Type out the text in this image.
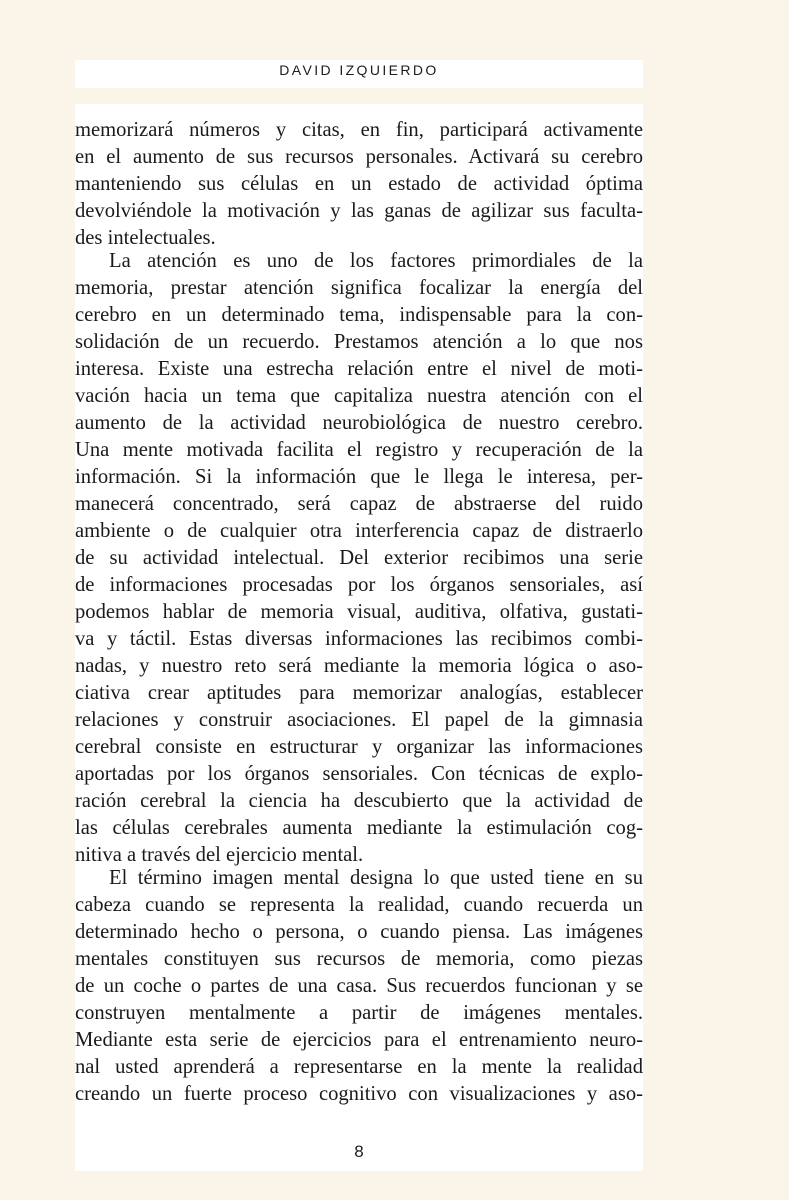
DAVID IZQUIERDO
memorizará números y citas, en fin, participará activamente
en el aumento de sus recursos personales. Activará su cerebro
manteniendo sus células en un estado de actividad óptima
devolviéndole la motivación y las ganas de agilizar sus faculta-
des intelectuales.
La atención es uno de los factores primordiales de la
memoria, prestar atención significa focalizar la energía del
cerebro en un determinado tema, indispensable para la con-
solidación de un recuerdo. Prestamos atención a lo que nos
interesa. Existe una estrecha relación entre el nivel de moti-
vación hacia un tema que capitaliza nuestra atención con el
aumento de la actividad neurobiológica de nuestro cerebro.
Una mente motivada facilita el registro y recuperación de la
información. Si la información que le llega le interesa, per-
manecerá concentrado, será capaz de abstraerse del ruido
ambiente o de cualquier otra interferencia capaz de distraerlo
de su actividad intelectual. Del exterior recibimos una serie
de informaciones procesadas por los órganos sensoriales, así
podemos hablar de memoria visual, auditiva, olfativa, gustati-
va y táctil. Estas diversas informaciones las recibimos combi-
nadas, y nuestro reto será mediante la memoria lógica o aso-
ciativa crear aptitudes para memorizar analogías, establecer
relaciones y construir asociaciones. El papel de la gimnasia
cerebral consiste en estructurar y organizar las informaciones
aportadas por los órganos sensoriales. Con técnicas de explo-
ración cerebral la ciencia ha descubierto que la actividad de
las células cerebrales aumenta mediante la estimulación cog-
nitiva a través del ejercicio mental.
El término imagen mental designa lo que usted tiene en su
cabeza cuando se representa la realidad, cuando recuerda un
determinado hecho o persona, o cuando piensa. Las imágenes
mentales constituyen sus recursos de memoria, como piezas
de un coche o partes de una casa. Sus recuerdos funcionan y se
construyen mentalmente a partir de imágenes mentales.
Mediante esta serie de ejercicios para el entrenamiento neuro-
nal usted aprenderá a representarse en la mente la realidad
creando un fuerte proceso cognitivo con visualizaciones y aso-
8
